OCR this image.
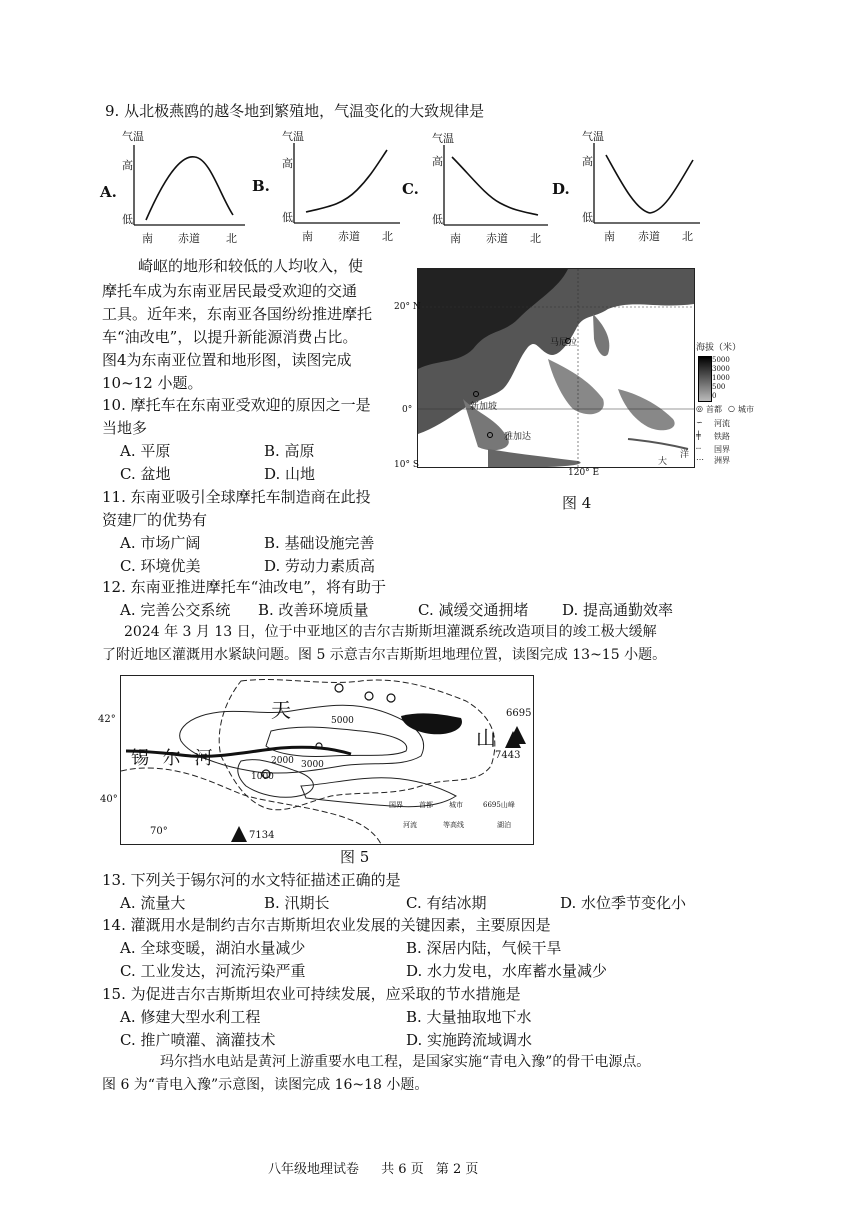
9. 从北极燕鸥的越冬地到繁殖地，气温变化的大致规律是
A.
气温
高
低
南 赤道 北
B.
气温
高
低
南 赤道 北
C.
气温
高
低
南 赤道 北
D.
气温
高
低
南 赤道 北
崎岖的地形和较低的人均收入，使
摩托车成为东南亚居民最受欢迎的交通
工具。近年来，东南亚各国纷纷推进摩托
车“油改电”，以提升新能源消费占比。
图4为东南亚位置和地形图，读图完成
10~12 小题。
马尼拉
新加坡
雅加达
洋
大
20° N
0°
10° S
120° E
海拔（米）
5000
3000
1000
500
0
◎ 首都 ○ 城市
∽ 河流
╪ 铁路
┈ 国界
⋯ 洲界
图 4
10. 摩托车在东南亚受欢迎的原因之一是
当地多
A. 平原	B. 高原
C. 盆地	D. 山地
11. 东南亚吸引全球摩托车制造商在此投
资建厂的优势有
A. 市场广阔	B. 基础设施完善
C. 环境优美	D. 劳动力素质高
12. 东南亚推进摩托车“油改电”，将有助于
A. 完善公交系统 B. 改善环境质量	C. 减缓交通拥堵 D. 提高通勤效率
2024 年 3 月 13 日，位于中亚地区的吉尔吉斯斯坦灌溉系统改造项目的竣工极大缓解
了附近地区灌溉用水紧缺问题。图 5 示意吉尔吉斯斯坦地理位置，读图完成 13~15 小题。
天
山
锡 尔 河
5000
3000
2000
1000
6695
7443
7134
国界 首都 城市	6695山峰
河流	等高线	湖泊
42°
40°
70°
图 5
13. 下列关于锡尔河的水文特征描述正确的是
A. 流量大	B. 汛期长	C. 有结冰期	D. 水位季节变化小
14. 灌溉用水是制约吉尔吉斯斯坦农业发展的关键因素，主要原因是
A. 全球变暖，湖泊水量减少	B. 深居内陆，气候干旱
C. 工业发达，河流污染严重	D. 水力发电，水库蓄水量减少
15. 为促进吉尔吉斯斯坦农业可持续发展，应采取的节水措施是
A. 修建大型水利工程	B. 大量抽取地下水
C. 推广喷灌、滴灌技术	D. 实施跨流域调水
玛尔挡水电站是黄河上游重要水电工程，是国家实施“青电入豫”的骨干电源点。
图 6 为“青电入豫”示意图，读图完成 16~18 小题。
八年级地理试卷 共 6 页 第 2 页
